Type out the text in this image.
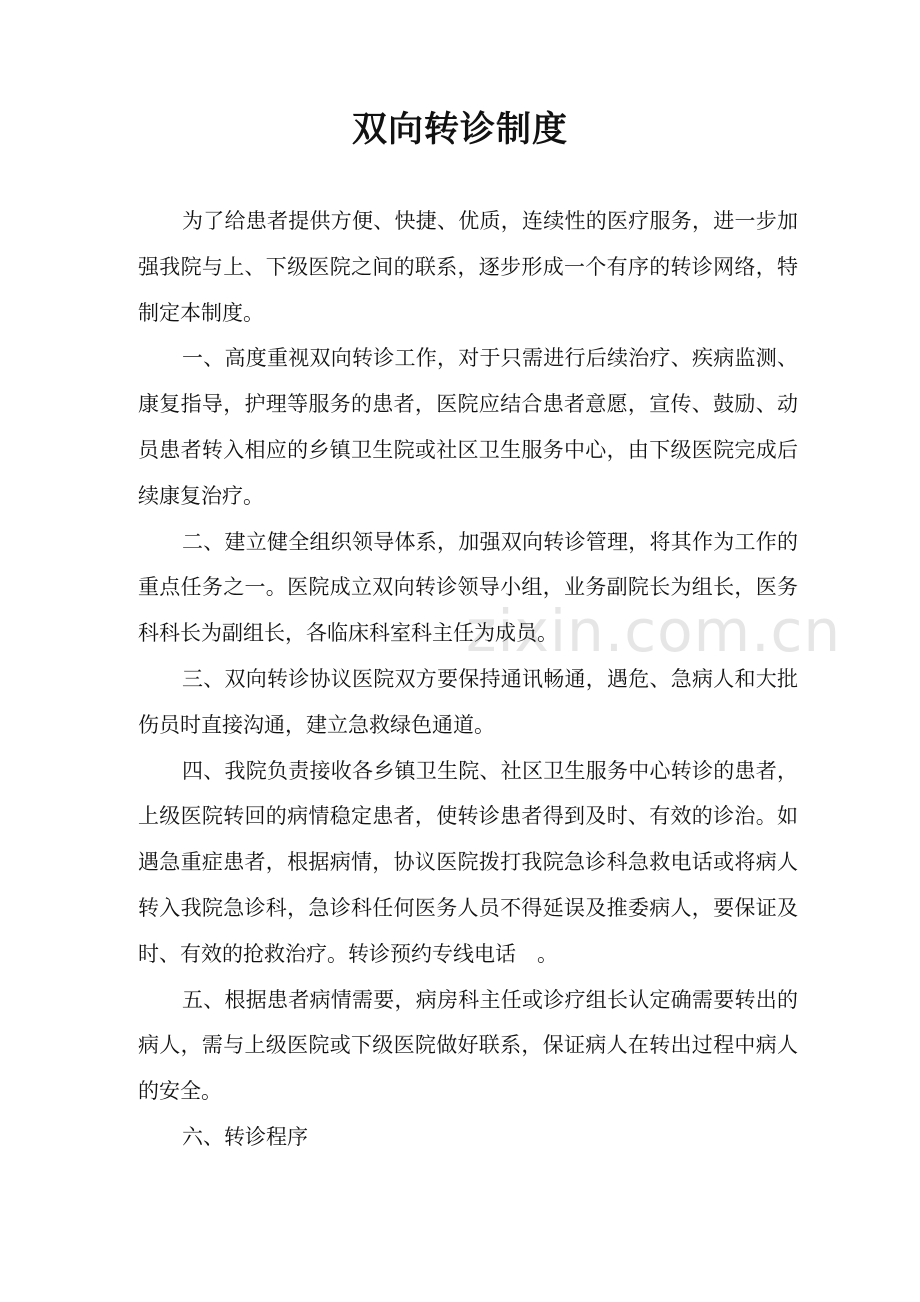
zixin.com.cn
双向转诊制度

为了给患者提供方便、快捷、优质，连续性的医疗服务，进一步加强我院与上、下级医院之间的联系，逐步形成一个有序的转诊网络，特制定本制度。

一、高度重视双向转诊工作，对于只需进行后续治疗、疾病监测、康复指导，护理等服务的患者，医院应结合患者意愿，宣传、鼓励、动员患者转入相应的乡镇卫生院或社区卫生服务中心，由下级医院完成后续康复治疗。

二、建立健全组织领导体系，加强双向转诊管理，将其作为工作的重点任务之一。医院成立双向转诊领导小组，业务副院长为组长，医务科科长为副组长，各临床科室科主任为成员。

三、双向转诊协议医院双方要保持通讯畅通，遇危、急病人和大批伤员时直接沟通，建立急救绿色通道。

四、我院负责接收各乡镇卫生院、社区卫生服务中心转诊的患者，上级医院转回的病情稳定患者，使转诊患者得到及时、有效的诊治。如遇急重症患者，根据病情，协议医院拨打我院急诊科急救电话或将病人转入我院急诊科，急诊科任何医务人员不得延误及推委病人，要保证及时、有效的抢救治疗。转诊预约专线电话　。

五、根据患者病情需要，病房科主任或诊疗组长认定确需要转出的病人，需与上级医院或下级医院做好联系，保证病人在转出过程中病人的安全。

六、转诊程序
